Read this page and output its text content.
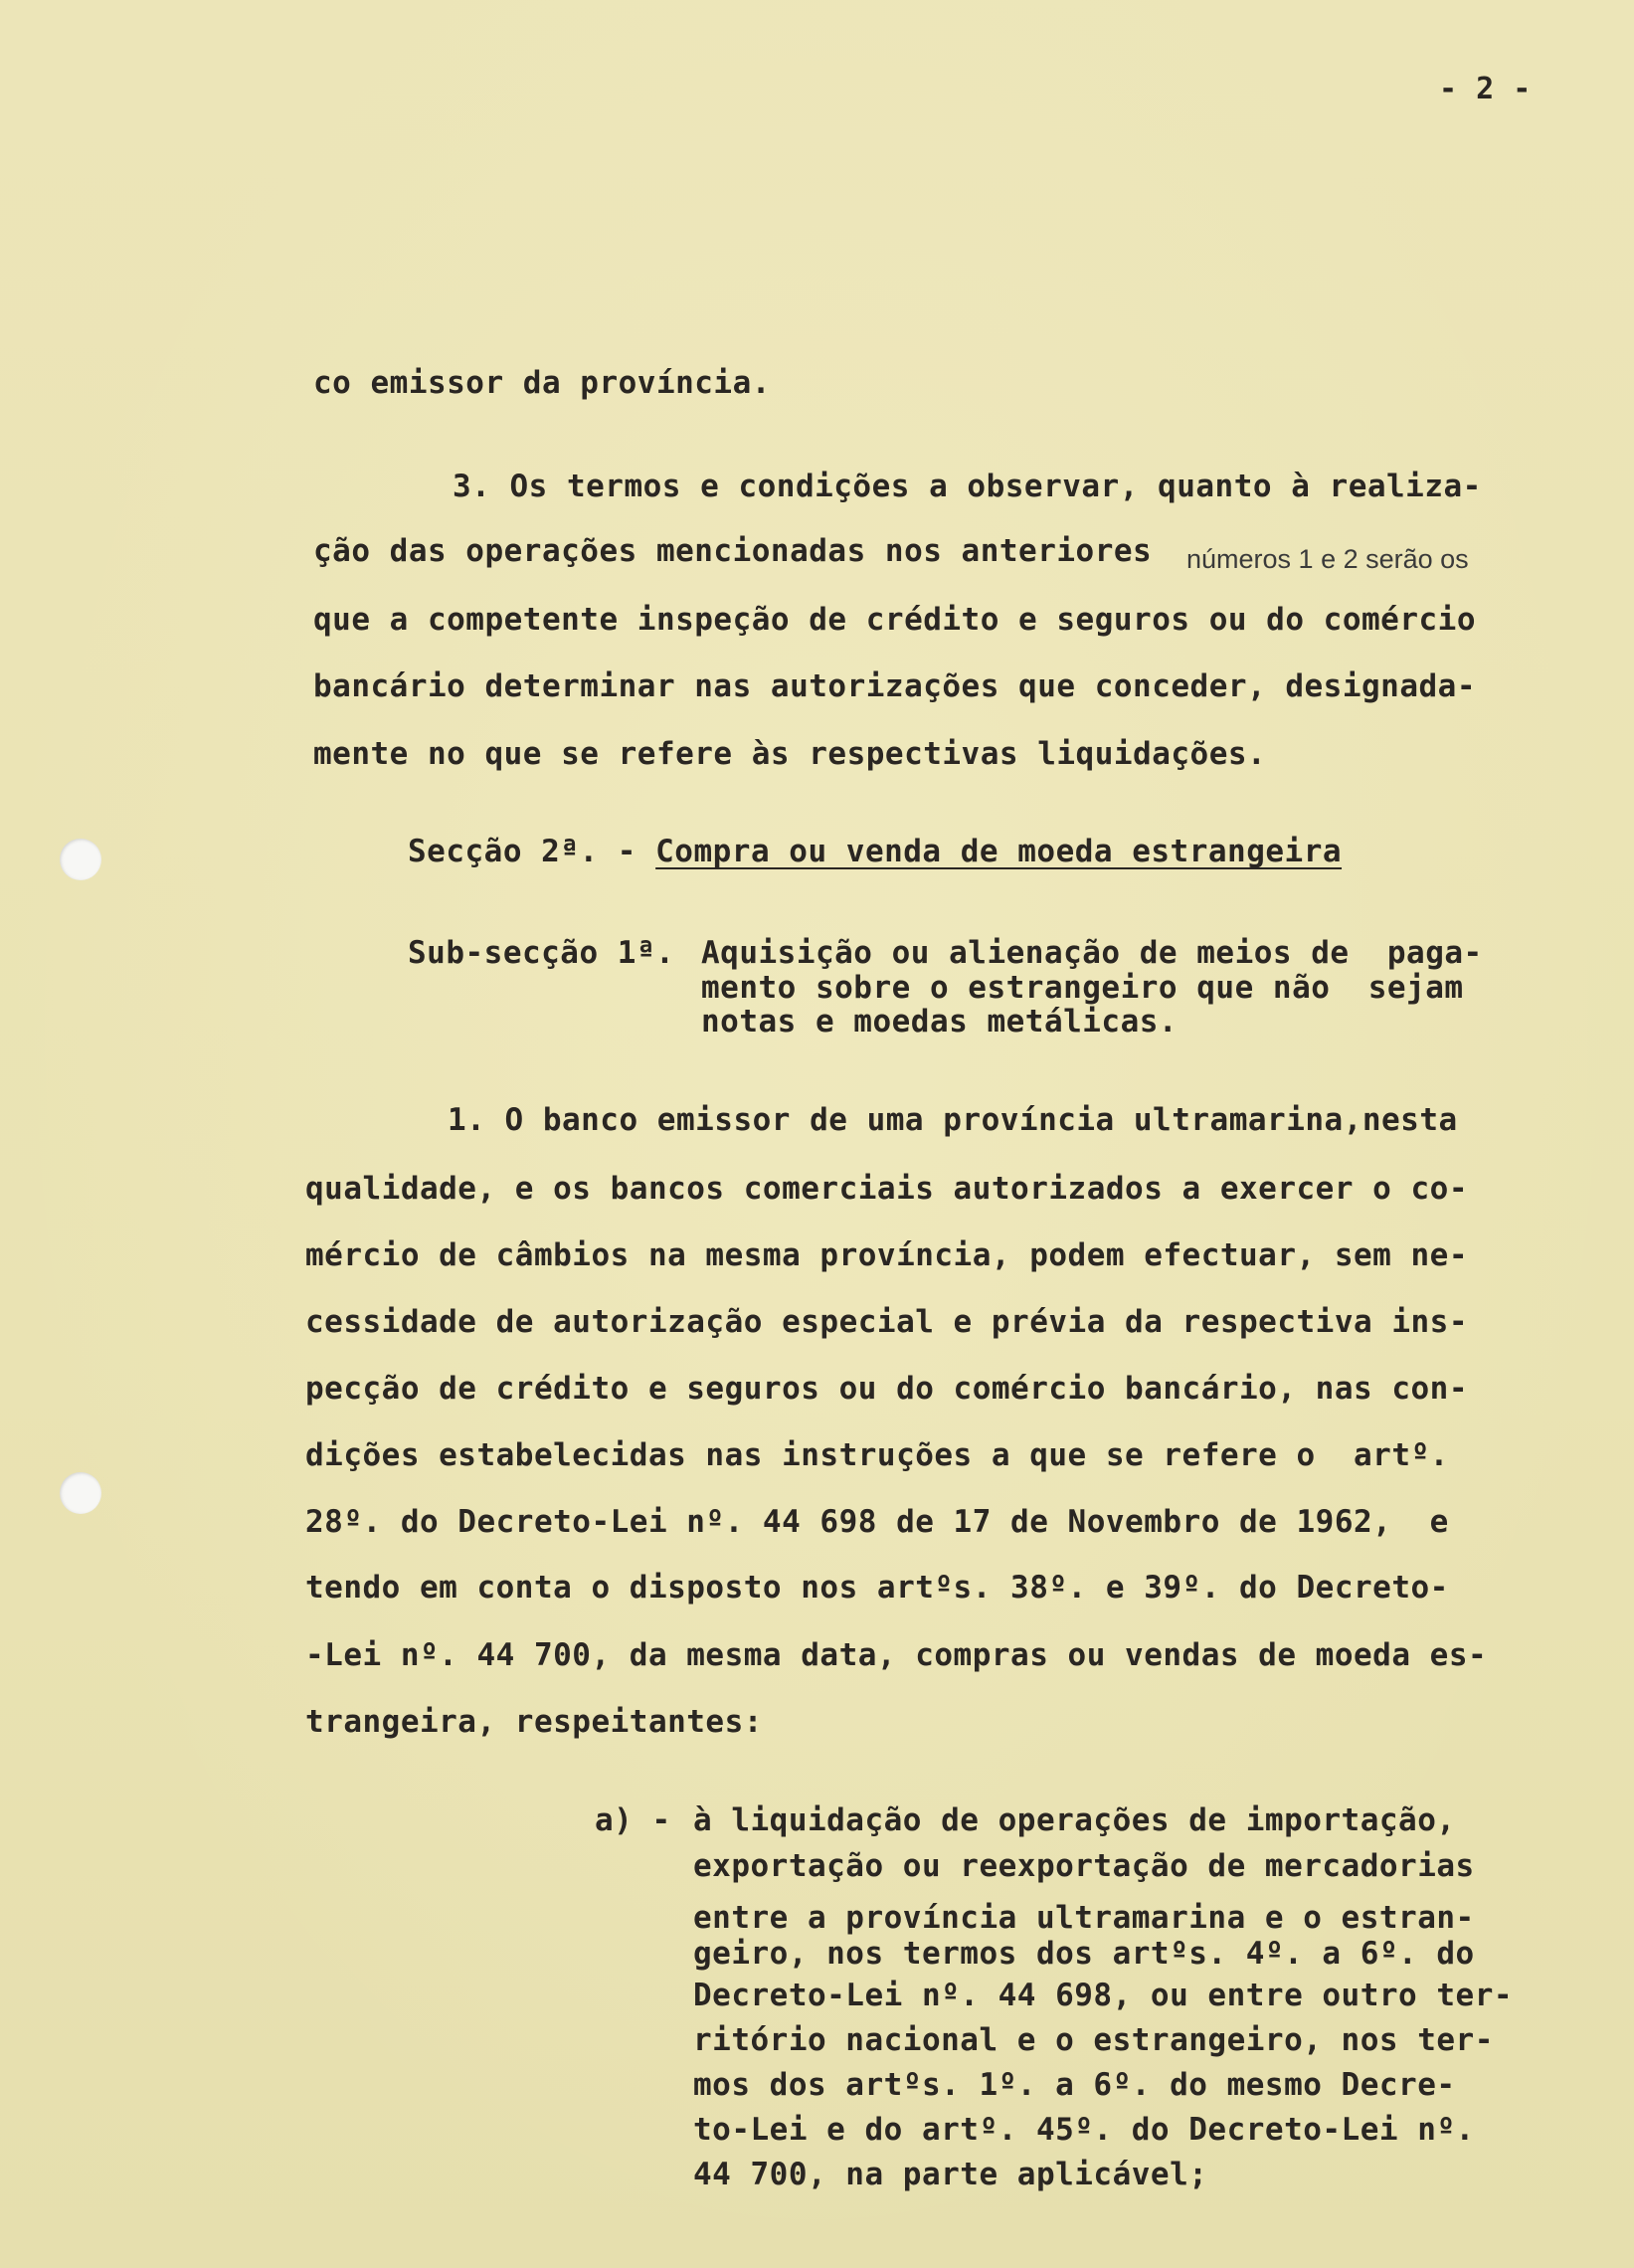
- 2 -
co emissor da província.
3. Os termos e condições a observar, quanto à realiza-
ção das operações mencionadas nos anteriores números 1 e 2 serão os
que a competente inspeção de crédito e seguros ou do comércio
bancário determinar nas autorizações que conceder, designada-
mente no que se refere às respectivas liquidações.
Secção 2ª. - Compra ou venda de moeda estrangeira
Sub-secção 1ª. Aquisição ou alienação de meios de  paga-
mento sobre o estrangeiro que não  sejam
notas e moedas metálicas.
1. O banco emissor de uma província ultramarina,nesta
qualidade, e os bancos comerciais autorizados a exercer o co-
mércio de câmbios na mesma província, podem efectuar, sem ne-
cessidade de autorização especial e prévia da respectiva ins-
pecção de crédito e seguros ou do comércio bancário, nas con-
dições estabelecidas nas instruções a que se refere o  artº.
28º. do Decreto-Lei nº. 44 698 de 17 de Novembro de 1962,  e
tendo em conta o disposto nos artºs. 38º. e 39º. do Decreto-
-Lei nº. 44 700, da mesma data, compras ou vendas de moeda es-
trangeira, respeitantes:
a) - à liquidação de operações de importação,
exportação ou reexportação de mercadorias
entre a província ultramarina e o estran-
geiro, nos termos dos artºs. 4º. a 6º. do
Decreto-Lei nº. 44 698, ou entre outro ter-
ritório nacional e o estrangeiro, nos ter-
mos dos artºs. 1º. a 6º. do mesmo Decre-
to-Lei e do artº. 45º. do Decreto-Lei nº.
44 700, na parte aplicável;
